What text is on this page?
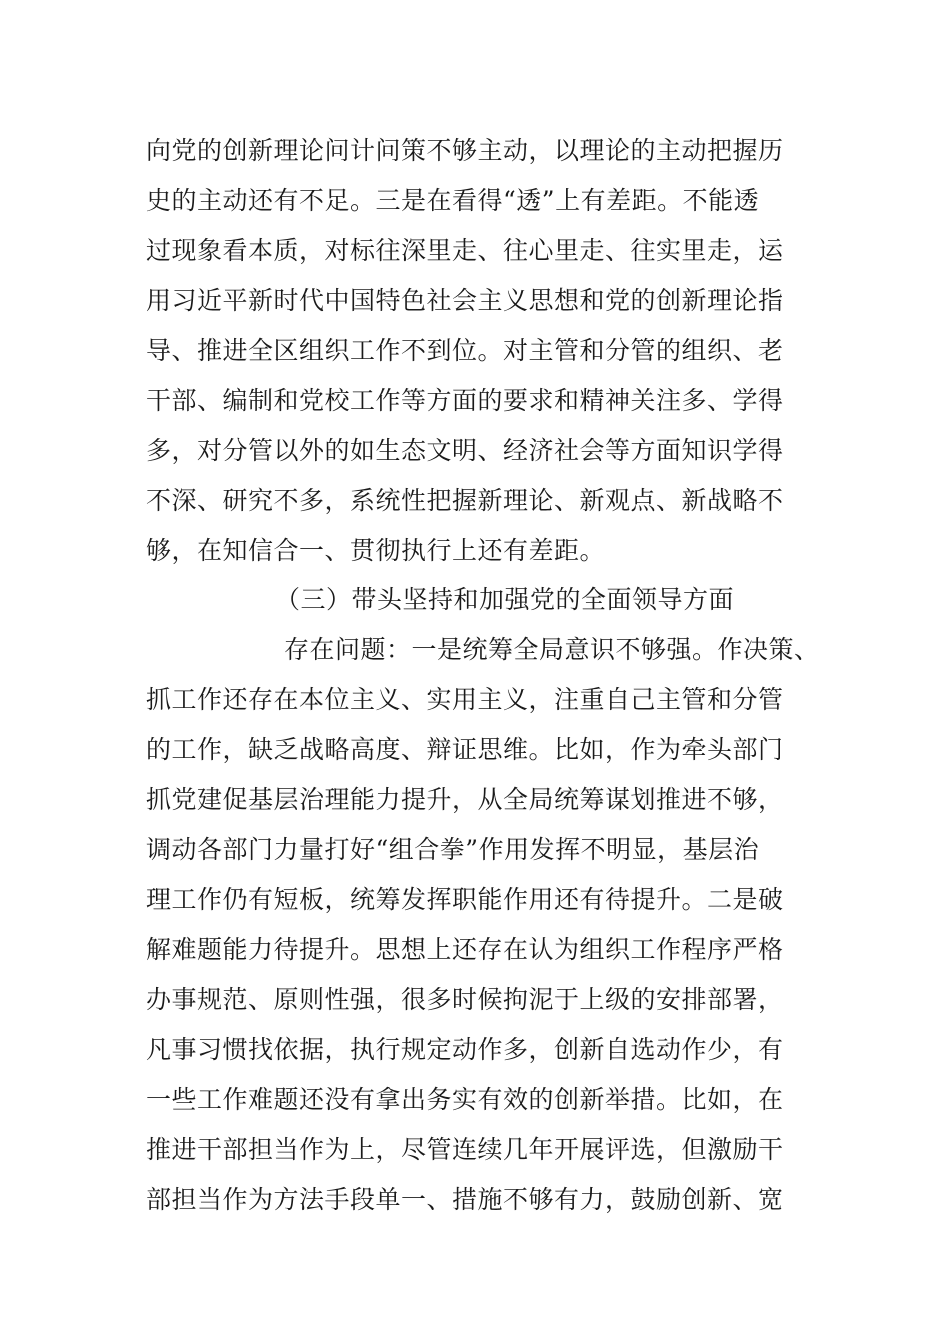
向党的创新理论问计问策不够主动，以理论的主动把握历
史的主动还有不足。三是在看得“透”上有差距。不能透
过现象看本质，对标往深里走、往心里走、往实里走，运
用习近平新时代中国特色社会主义思想和党的创新理论指
导、推进全区组织工作不到位。对主管和分管的组织、老
干部、编制和党校工作等方面的要求和精神关注多、学得
多，对分管以外的如生态文明、经济社会等方面知识学得
不深、研究不多，系统性把握新理论、新观点、新战略不
够，在知信合一、贯彻执行上还有差距。
（三）带头坚持和加强党的全面领导方面
存在问题：一是统筹全局意识不够强。作决策、
抓工作还存在本位主义、实用主义，注重自己主管和分管
的工作，缺乏战略高度、辩证思维。比如，作为牵头部门
抓党建促基层治理能力提升，从全局统筹谋划推进不够，
调动各部门力量打好“组合拳”作用发挥不明显，基层治
理工作仍有短板，统筹发挥职能作用还有待提升。二是破
解难题能力待提升。思想上还存在认为组织工作程序严格
办事规范、原则性强，很多时候拘泥于上级的安排部署，
凡事习惯找依据，执行规定动作多，创新自选动作少，有
一些工作难题还没有拿出务实有效的创新举措。比如，在
推进干部担当作为上，尽管连续几年开展评选，但激励干
部担当作为方法手段单一、措施不够有力，鼓励创新、宽
